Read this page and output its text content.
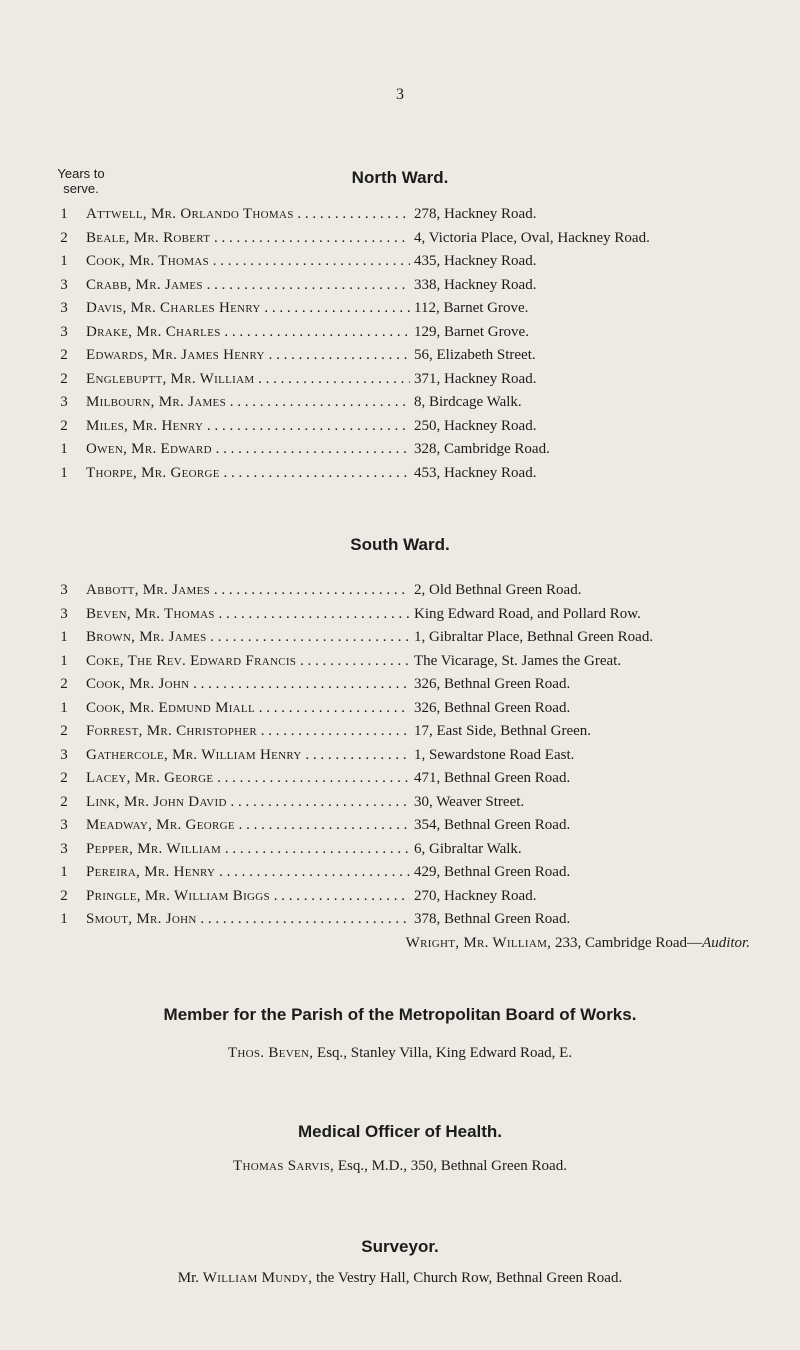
3
Years to serve.
North Ward.
1 Attwell, Mr. Orlando Thomas . . .	278, Hackney Road.
2 Beale, Mr. Robert . . .	4, Victoria Place, Oval, Hackney Road.
1 Cook, Mr. Thomas . . .	435, Hackney Road.
3 Crabb, Mr. James . . .	338, Hackney Road.
3 Davis, Mr. Charles Henry . . .	112, Barnet Grove.
3 Drake, Mr. Charles . . .	129, Barnet Grove.
2 Edwards, Mr. James Henry . . .	56, Elizabeth Street.
2 Englebuртt, Mr. William . . .	371, Hackney Road.
3 Milbourn, Mr. James . . .	8, Birdcage Walk.
2 Miles, Mr. Henry . . .	250, Hackney Road.
1 Owen, Mr. Edward . . .	328, Cambridge Road.
1 Thorpe, Mr. George . . .	453, Hackney Road.
South Ward.
3 Abbott, Mr. James . . .	2, Old Bethnal Green Road.
3 Beven, Mr. Thomas . . .	King Edward Road, and Pollard Row.
1 Brown, Mr. James . . .	1, Gibraltar Place, Bethnal Green Road.
1 Coke, The Rev. Edward Francis . . .	The Vicarage, St. James the Great.
2 Cook, Mr. John . . .	326, Bethnal Green Road.
1 Cook, Mr. Edmund Miall . . .	326, Bethnal Green Road.
2 Forrest, Mr. Christopher . . .	17, East Side, Bethnal Green.
3 Gathercole, Mr. William Henry . . .	1, Sewardstone Road East.
2 Lacey, Mr. George . . .	471, Bethnal Green Road.
2 Link, Mr. John David . . .	30, Weaver Street.
3 Meadway, Mr. George . . .	354, Bethnal Green Road.
3 Pepper, Mr. William . . .	6, Gibraltar Walk.
1 Pereira, Mr. Henry . . .	429, Bethnal Green Road.
2 Pringle, Mr. William Biggs . . .	270, Hackney Road.
1 Smout, Mr. John . . .	378, Bethnal Green Road.
Wright, Mr. William, 233, Cambridge Road—Auditor.
Member for the Parish of the Metropolitan Board of Works.
Thos. Beven, Esq., Stanley Villa, King Edward Road, E.
Medical Officer of Health.
Thomas Sarvis, Esq., M.D., 350, Bethnal Green Road.
Surveyor.
Mr. William Mundy, the Vestry Hall, Church Row, Bethnal Green Road.
